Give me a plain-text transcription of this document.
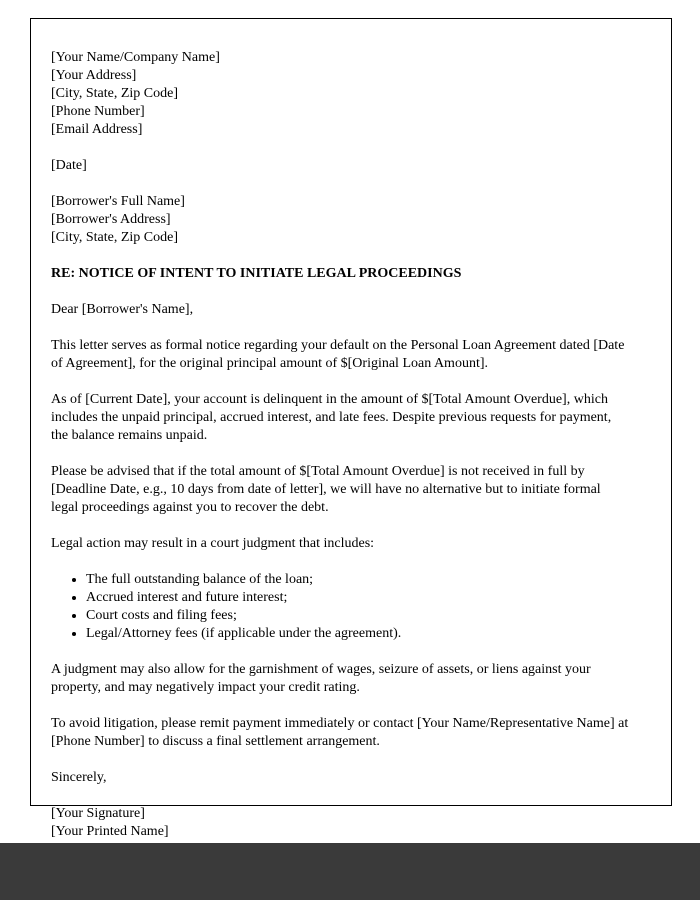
[Your Name/Company Name]
[Your Address]
[City, State, Zip Code]
[Phone Number]
[Email Address]
[Date]
[Borrower's Full Name]
[Borrower's Address]
[City, State, Zip Code]
RE: NOTICE OF INTENT TO INITIATE LEGAL PROCEEDINGS
Dear [Borrower's Name],

This letter serves as formal notice regarding your default on the Personal Loan Agreement dated [Date of Agreement], for the original principal amount of $[Original Loan Amount].

As of [Current Date], your account is delinquent in the amount of $[Total Amount Overdue], which includes the unpaid principal, accrued interest, and late fees. Despite previous requests for payment, the balance remains unpaid.

Please be advised that if the total amount of $[Total Amount Overdue] is not received in full by [Deadline Date, e.g., 10 days from date of letter], we will have no alternative but to initiate formal legal proceedings against you to recover the debt.

Legal action may result in a court judgment that includes:

• The full outstanding balance of the loan;
• Accrued interest and future interest;
• Court costs and filing fees;
• Legal/Attorney fees (if applicable under the agreement).

A judgment may also allow for the garnishment of wages, seizure of assets, or liens against your property, and may negatively impact your credit rating.

To avoid litigation, please remit payment immediately or contact [Your Name/Representative Name] at [Phone Number] to discuss a final settlement arrangement.

Sincerely,
[Your Signature]
[Your Printed Name]
